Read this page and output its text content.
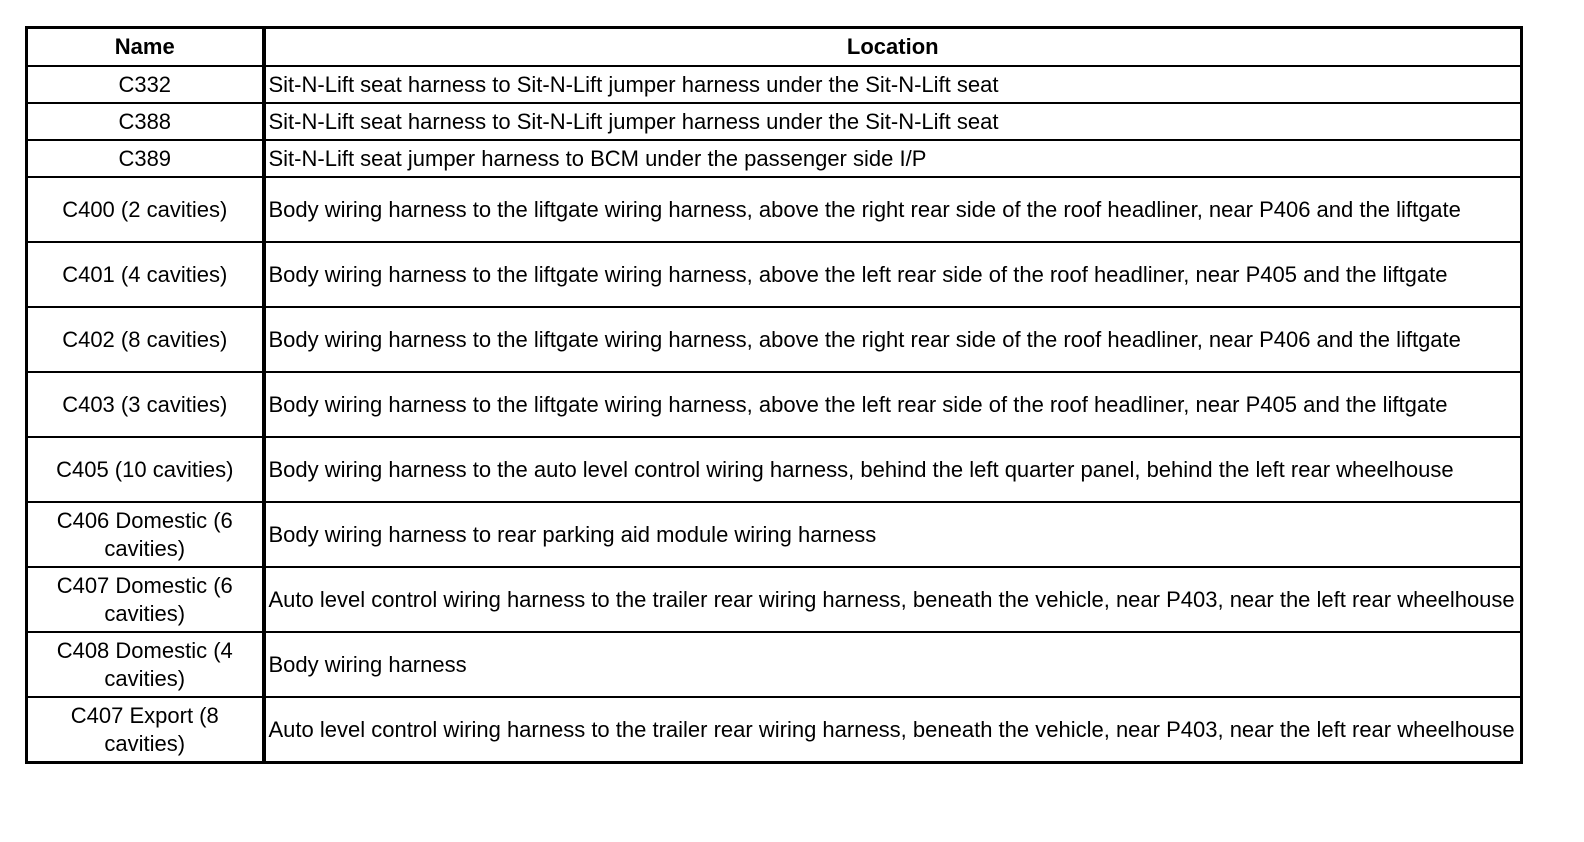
Name	Location
C332	Sit-N-Lift seat harness to Sit-N-Lift jumper harness under the Sit-N-Lift seat
C388	Sit-N-Lift seat harness to Sit-N-Lift jumper harness under the Sit-N-Lift seat
C389	Sit-N-Lift seat jumper harness to BCM under the passenger side I/P
C400 (2 cavities)	Body wiring harness to the liftgate wiring harness, above the right rear side of the roof headliner, near P406 and the liftgate
C401 (4 cavities)	Body wiring harness to the liftgate wiring harness, above the left rear side of the roof headliner, near P405 and the liftgate
C402 (8 cavities)	Body wiring harness to the liftgate wiring harness, above the right rear side of the roof headliner, near P406 and the liftgate
C403 (3 cavities)	Body wiring harness to the liftgate wiring harness, above the left rear side of the roof headliner, near P405 and the liftgate
C405 (10 cavities)	Body wiring harness to the auto level control wiring harness, behind the left quarter panel, behind the left rear wheelhouse
C406 Domestic (6 cavities)	Body wiring harness to rear parking aid module wiring harness
C407 Domestic (6 cavities)	Auto level control wiring harness to the trailer rear wiring harness, beneath the vehicle, near P403, near the left rear wheelhouse
C408 Domestic (4 cavities)	Body wiring harness
C407 Export (8 cavities)	Auto level control wiring harness to the trailer rear wiring harness, beneath the vehicle, near P403, near the left rear wheelhouse
